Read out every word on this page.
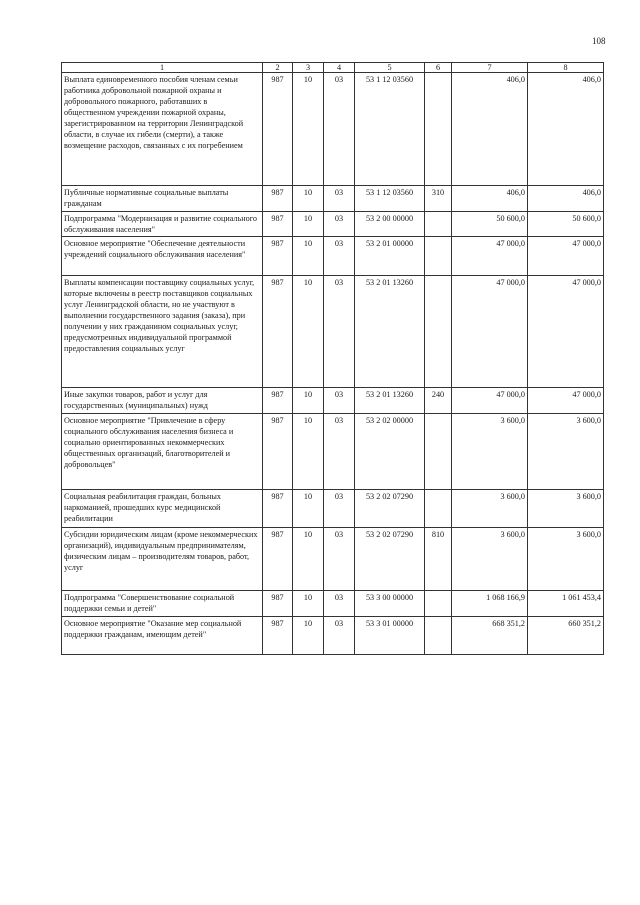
108
1	2	3	4	5	6	7	8
Выплата единовременного пособия членам семьи работника добровольной пожарной охраны и добровольного пожарного, работавших в общественном учреждении пожарной охраны, зарегистрированном на территории Ленинградской области, в случае их гибели (смерти), а также возмещение расходов, связанных с их погребением	987	10	03	53 1 12 03560		406,0	406,0
Публичные нормативные социальные выплаты гражданам	987	10	03	53 1 12 03560	310	406,0	406,0
Подпрограмма "Модернизация и развитие социального обслуживания населения"	987	10	03	53 2 00 00000		50 600,0	50 600,0
Основное мероприятие "Обеспечение деятельности учреждений социального обслуживания населения"	987	10	03	53 2 01 00000		47 000,0	47 000,0
Выплаты компенсации поставщику социальных услуг, которые включены в реестр поставщиков социальных услуг Ленинградской области, но не участвуют в выполнении государственного задания (заказа), при получении у них гражданином социальных услуг, предусмотренных индивидуальной программой предоставления социальных услуг	987	10	03	53 2 01 13260		47 000,0	47 000,0
Иные закупки товаров, работ и услуг для государственных (муниципальных) нужд	987	10	03	53 2 01 13260	240	47 000,0	47 000,0
Основное мероприятие "Привлечение в сферу социального обслуживания населения бизнеса и социально ориентированных некоммерческих общественных организаций, благотворителей и добровольцев"	987	10	03	53 2 02 00000		3 600,0	3 600,0
Социальная реабилитация граждан, больных наркоманией, прошедших курс медицинской реабилитации	987	10	03	53 2 02 07290		3 600,0	3 600,0
Субсидии юридическим лицам (кроме некоммерческих организаций), индивидуальным предпринимателям, физическим лицам – производителям товаров, работ, услуг	987	10	03	53 2 02 07290	810	3 600,0	3 600,0
Подпрограмма "Совершенствование социальной поддержки семьи и детей"	987	10	03	53 3 00 00000		1 068 166,9	1 061 453,4
Основное мероприятие "Оказание мер социальной поддержки гражданам, имеющим детей"	987	10	03	53 3 01 00000		668 351,2	660 351,2
